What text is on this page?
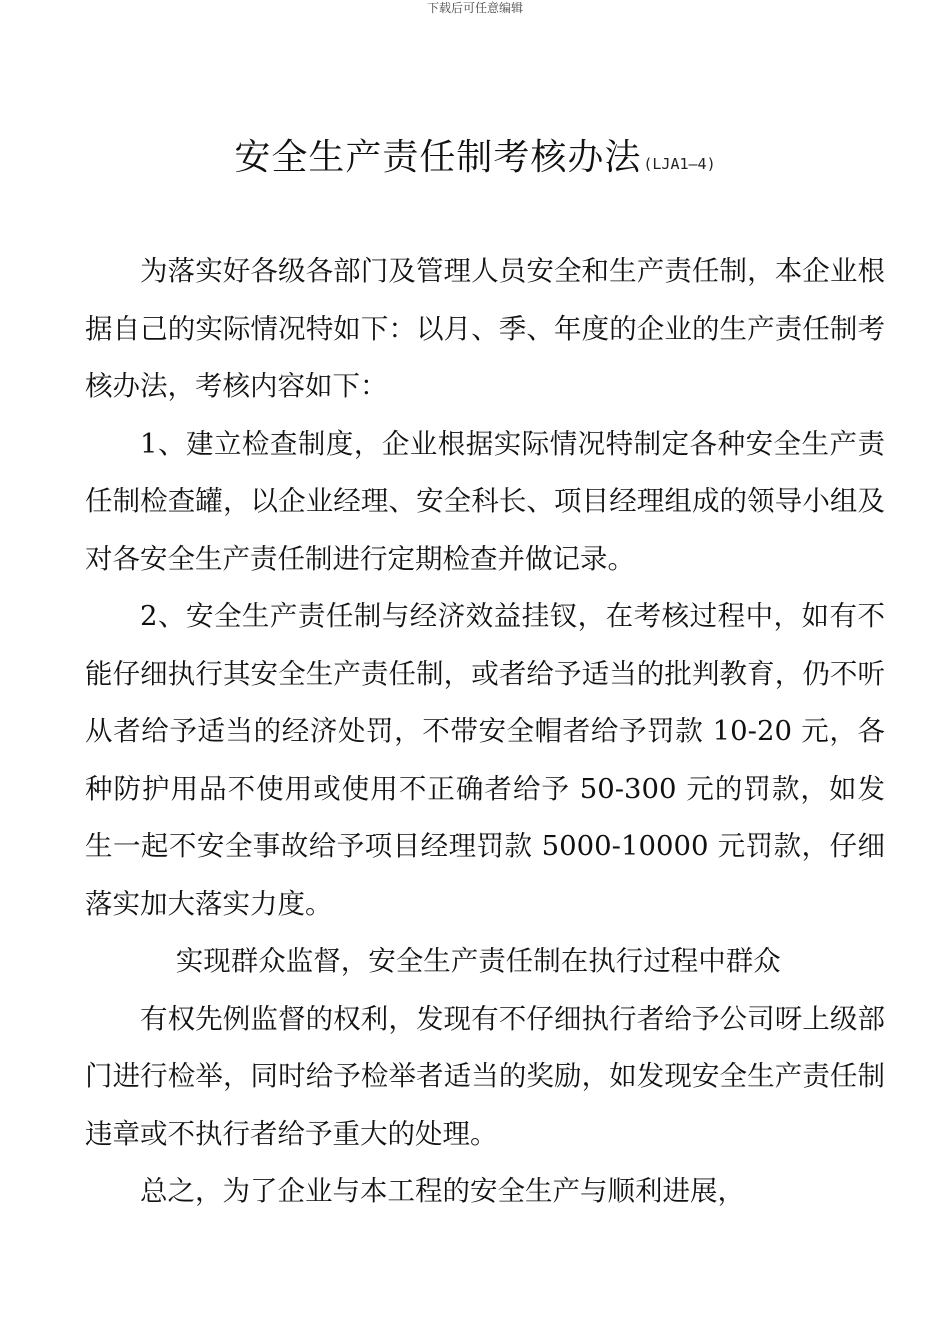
下载后可任意编辑
安全生产责任制考核办法 (LJA1—4)

为落实好各级各部门及管理人员安全和生产责任制，本企业根据自己的实际情况特如下：以月、季、年度的企业的生产责任制考核办法，考核内容如下：

1、建立检查制度，企业根据实际情况特制定各种安全生产责任制检查罐，以企业经理、安全科长、项目经理组成的领导小组及对各安全生产责任制进行定期检查并做记录。

2、安全生产责任制与经济效益挂钗，在考核过程中，如有不能仔细执行其安全生产责任制，或者给予适当的批判教育，仍不听从者给予适当的经济处罚，不带安全帽者给予罚款 10-20 元，各种防护用品不使用或使用不正确者给予 50-300 元的罚款，如发生一起不安全事故给予项目经理罚款 5000-10000 元罚款，仔细落实加大落实力度。

实现群众监督，安全生产责任制在执行过程中群众

有权先例监督的权利，发现有不仔细执行者给予公司呀上级部门进行检举，同时给予检举者适当的奖励，如发现安全生产责任制违章或不执行者给予重大的处理。

总之，为了企业与本工程的安全生产与顺利进展，
